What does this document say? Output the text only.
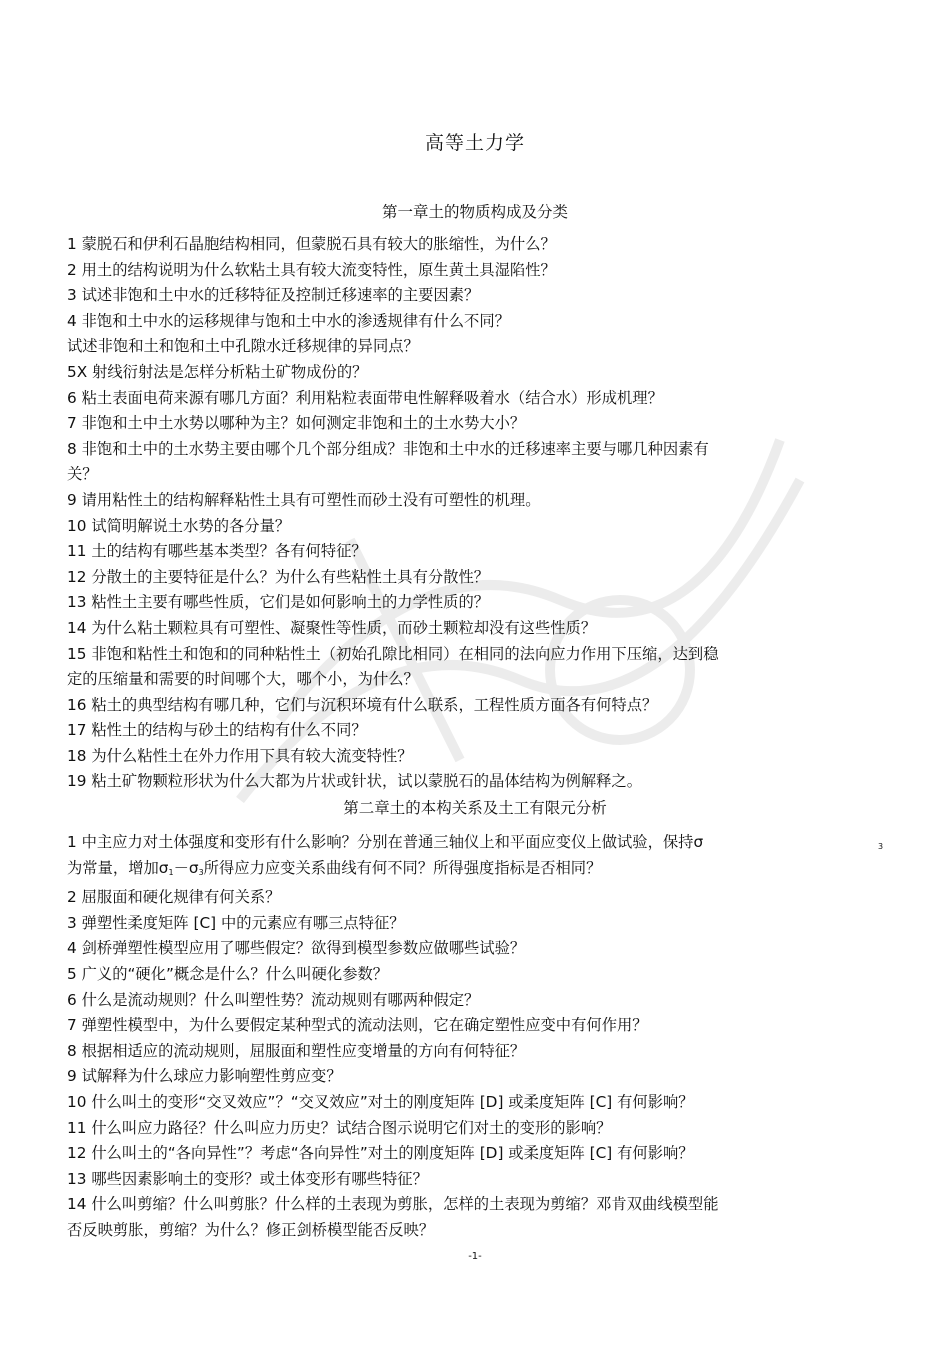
高等土力学
第一章土的物质构成及分类
1 蒙脱石和伊利石晶胞结构相同，但蒙脱石具有较大的胀缩性，为什么？
2 用土的结构说明为什么软粘土具有较大流变特性，原生黄土具湿陷性？
3 试述非饱和土中水的迁移特征及控制迁移速率的主要因素？
4 非饱和土中水的运移规律与饱和土中水的渗透规律有什么不同？
试述非饱和土和饱和土中孔隙水迁移规律的异同点？
5X 射线衍射法是怎样分析粘土矿物成份的？
6 粘土表面电荷来源有哪几方面？利用粘粒表面带电性解释吸着水（结合水）形成机理？
7 非饱和土中土水势以哪种为主？如何测定非饱和土的土水势大小？
8 非饱和土中的土水势主要由哪个几个部分组成？非饱和土中水的迁移速率主要与哪几种因素有
关？
9 请用粘性土的结构解释粘性土具有可塑性而砂土没有可塑性的机理。
10 试简明解说土水势的各分量？
11 土的结构有哪些基本类型？各有何特征？
12 分散土的主要特征是什么？为什么有些粘性土具有分散性？
13 粘性土主要有哪些性质，它们是如何影响土的力学性质的？
14 为什么粘土颗粒具有可塑性、凝聚性等性质，而砂土颗粒却没有这些性质？
15 非饱和粘性土和饱和的同种粘性土（初始孔隙比相同）在相同的法向应力作用下压缩，达到稳
定的压缩量和需要的时间哪个大，哪个小，为什么？
16 粘土的典型结构有哪几种，它们与沉积环境有什么联系，工程性质方面各有何特点？
17 粘性土的结构与砂土的结构有什么不同？
18 为什么粘性土在外力作用下具有较大流变特性？
19 粘土矿物颗粒形状为什么大都为片状或针状，试以蒙脱石的晶体结构为例解释之。
第二章土的本构关系及土工有限元分析
1 中主应力对土体强度和变形有什么影响？分别在普通三轴仪上和平面应变仪上做试验，保持σ
为常量，增加$\sigma_1-\sigma_3$所得应力应变关系曲线有何不同？所得强度指标是否相同？
2 屈服面和硬化规律有何关系？
3 弹塑性柔度矩阵 [C] 中的元素应有哪三点特征？
4 剑桥弹塑性模型应用了哪些假定？欲得到模型参数应做哪些试验？
5 广义的“硬化”概念是什么？什么叫硬化参数？
6 什么是流动规则？什么叫塑性势？流动规则有哪两种假定？
7 弹塑性模型中，为什么要假定某种型式的流动法则，它在确定塑性应变中有何作用？
8 根据相适应的流动规则，屈服面和塑性应变增量的方向有何特征？
9 试解释为什么球应力影响塑性剪应变？
10 什么叫土的变形“交叉效应”？“交叉效应”对土的刚度矩阵 [D] 或柔度矩阵 [C] 有何影响？
11 什么叫应力路径？什么叫应力历史？试结合图示说明它们对土的变形的影响？
12 什么叫土的“各向异性”？考虑“各向异性”对土的刚度矩阵 [D] 或柔度矩阵 [C] 有何影响？
13 哪些因素影响土的变形？或土体变形有哪些特征？
14 什么叫剪缩？什么叫剪胀？什么样的土表现为剪胀，怎样的土表现为剪缩？邓肯双曲线模型能
否反映剪胀，剪缩？为什么？修正剑桥模型能否反映？
3
-1-
